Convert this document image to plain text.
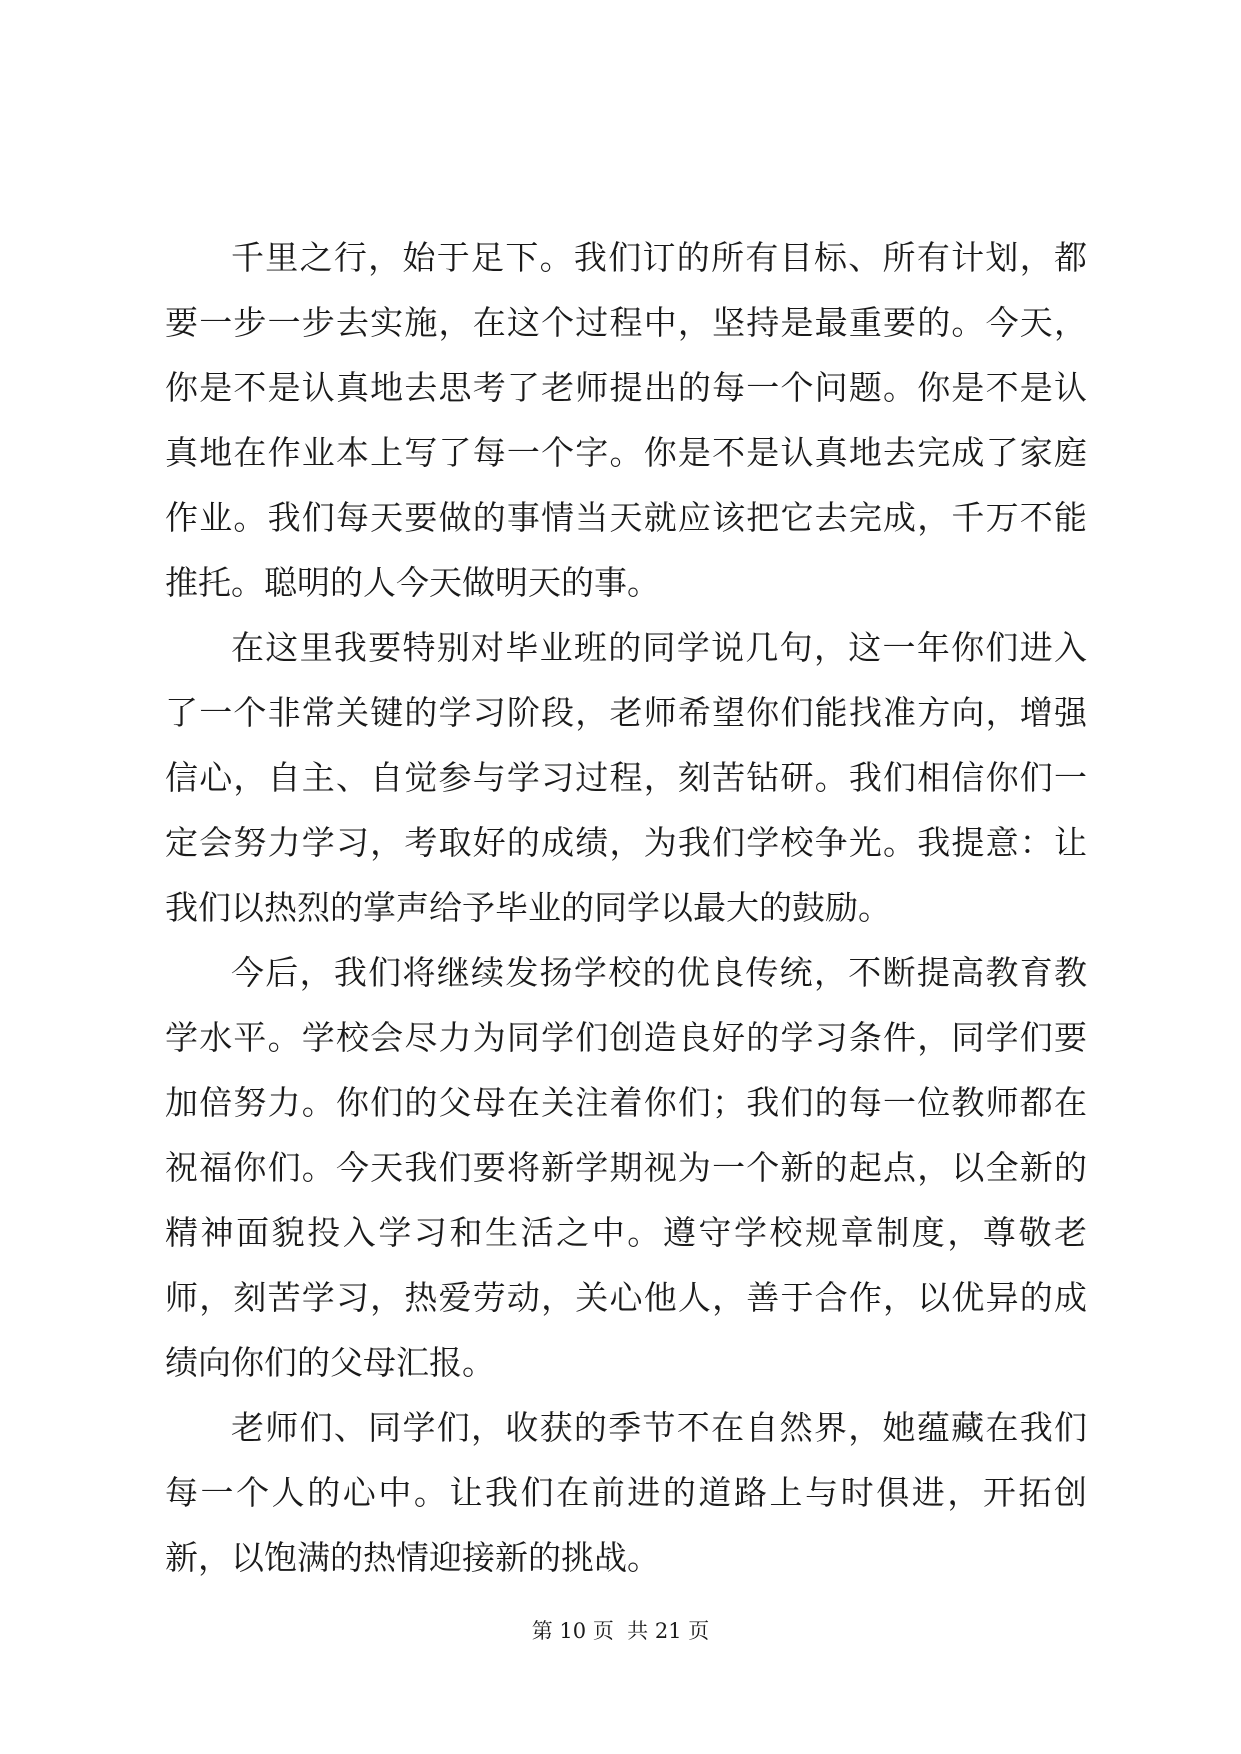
千里之行，始于足下。我们订的所有目标、所有计划，都要一步一步去实施，在这个过程中，坚持是最重要的。今天，你是不是认真地去思考了老师提出的每一个问题。你是不是认真地在作业本上写了每一个字。你是不是认真地去完成了家庭作业。我们每天要做的事情当天就应该把它去完成，千万不能推托。聪明的人今天做明天的事。

在这里我要特别对毕业班的同学说几句，这一年你们进入了一个非常关键的学习阶段，老师希望你们能找准方向，增强信心，自主、自觉参与学习过程，刻苦钻研。我们相信你们一定会努力学习，考取好的成绩，为我们学校争光。我提意：让我们以热烈的掌声给予毕业的同学以最大的鼓励。

今后，我们将继续发扬学校的优良传统，不断提高教育教学水平。学校会尽力为同学们创造良好的学习条件，同学们要加倍努力。你们的父母在关注着你们；我们的每一位教师都在祝福你们。今天我们要将新学期视为一个新的起点，以全新的精神面貌投入学习和生活之中。遵守学校规章制度，尊敬老师，刻苦学习，热爱劳动，关心他人，善于合作，以优异的成绩向你们的父母汇报。

老师们、同学们，收获的季节不在自然界，她蕴藏在我们每一个人的心中。让我们在前进的道路上与时俱进，开拓创新，以饱满的热情迎接新的挑战。

第 10 页  共 21 页
